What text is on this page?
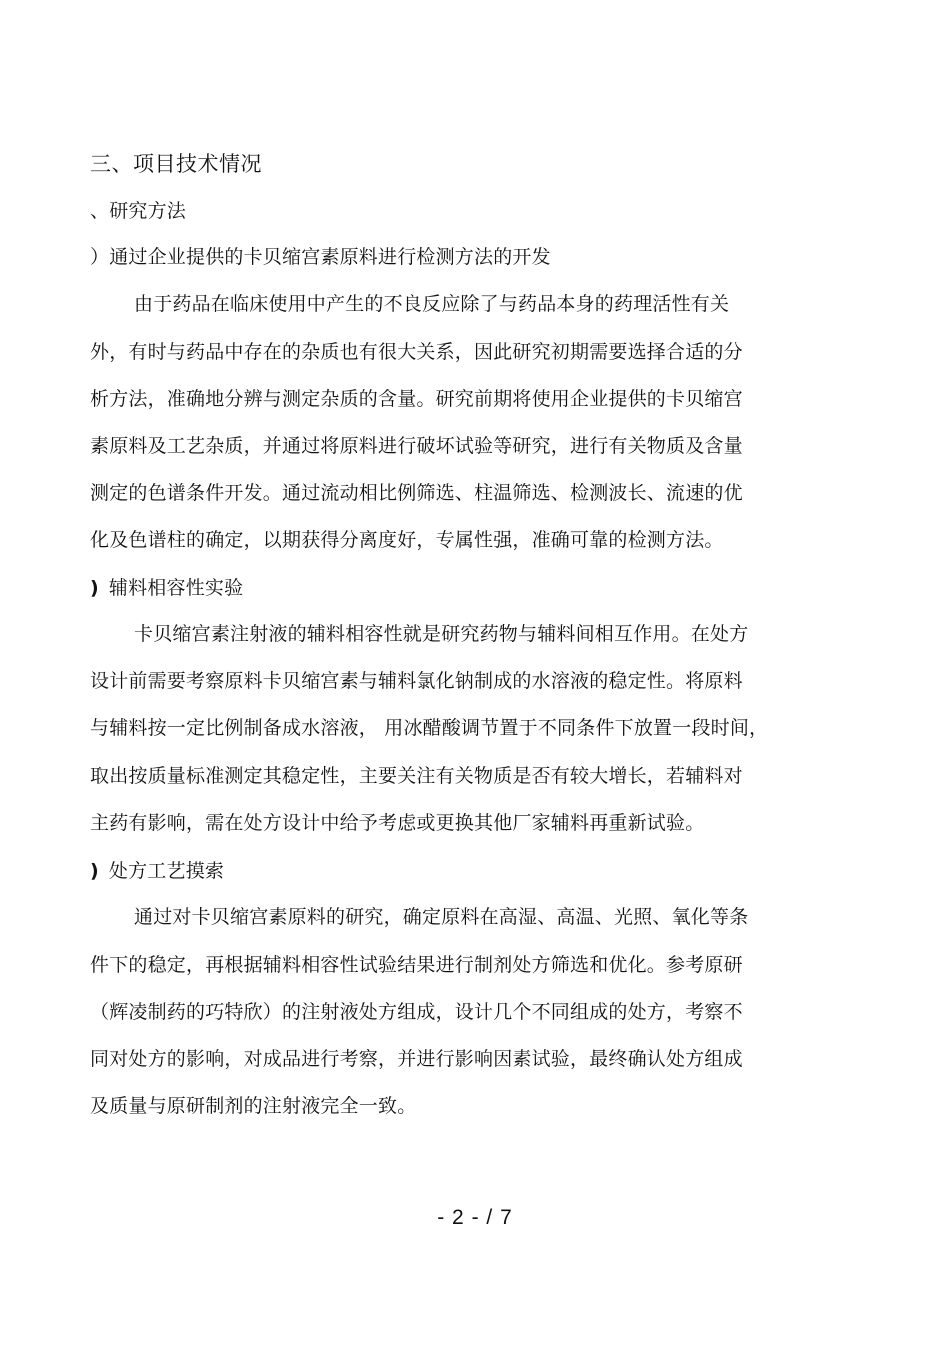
三、项目技术情况
、研究方法
）通过企业提供的卡贝缩宫素原料进行检测方法的开发
由于药品在临床使用中产生的不良反应除了与药品本身的药理活性有关
外，有时与药品中存在的杂质也有很大关系，因此研究初期需要选择合适的分
析方法，准确地分辨与测定杂质的含量。研究前期将使用企业提供的卡贝缩宫
素原料及工艺杂质，并通过将原料进行破坏试验等研究，进行有关物质及含量
测定的色谱条件开发。通过流动相比例筛选、柱温筛选、检测波长、流速的优
化及色谱柱的确定，以期获得分离度好，专属性强，准确可靠的检测方法。
) 辅料相容性实验
卡贝缩宫素注射液的辅料相容性就是研究药物与辅料间相互作用。在处方
设计前需要考察原料卡贝缩宫素与辅料氯化钠制成的水溶液的稳定性。将原料
与辅料按一定比例制备成水溶液， 用冰醋酸调节置于不同条件下放置一段时间，
取出按质量标准测定其稳定性，主要关注有关物质是否有较大增长，若辅料对
主药有影响，需在处方设计中给予考虑或更换其他厂家辅料再重新试验。
) 处方工艺摸索
通过对卡贝缩宫素原料的研究，确定原料在高湿、高温、光照、氧化等条
件下的稳定，再根据辅料相容性试验结果进行制剂处方筛选和优化。参考原研
（辉凌制药的巧特欣）的注射液处方组成，设计几个不同组成的处方，考察不
同对处方的影响，对成品进行考察，并进行影响因素试验，最终确认处方组成
及质量与原研制剂的注射液完全一致。
- 2 - / 7
